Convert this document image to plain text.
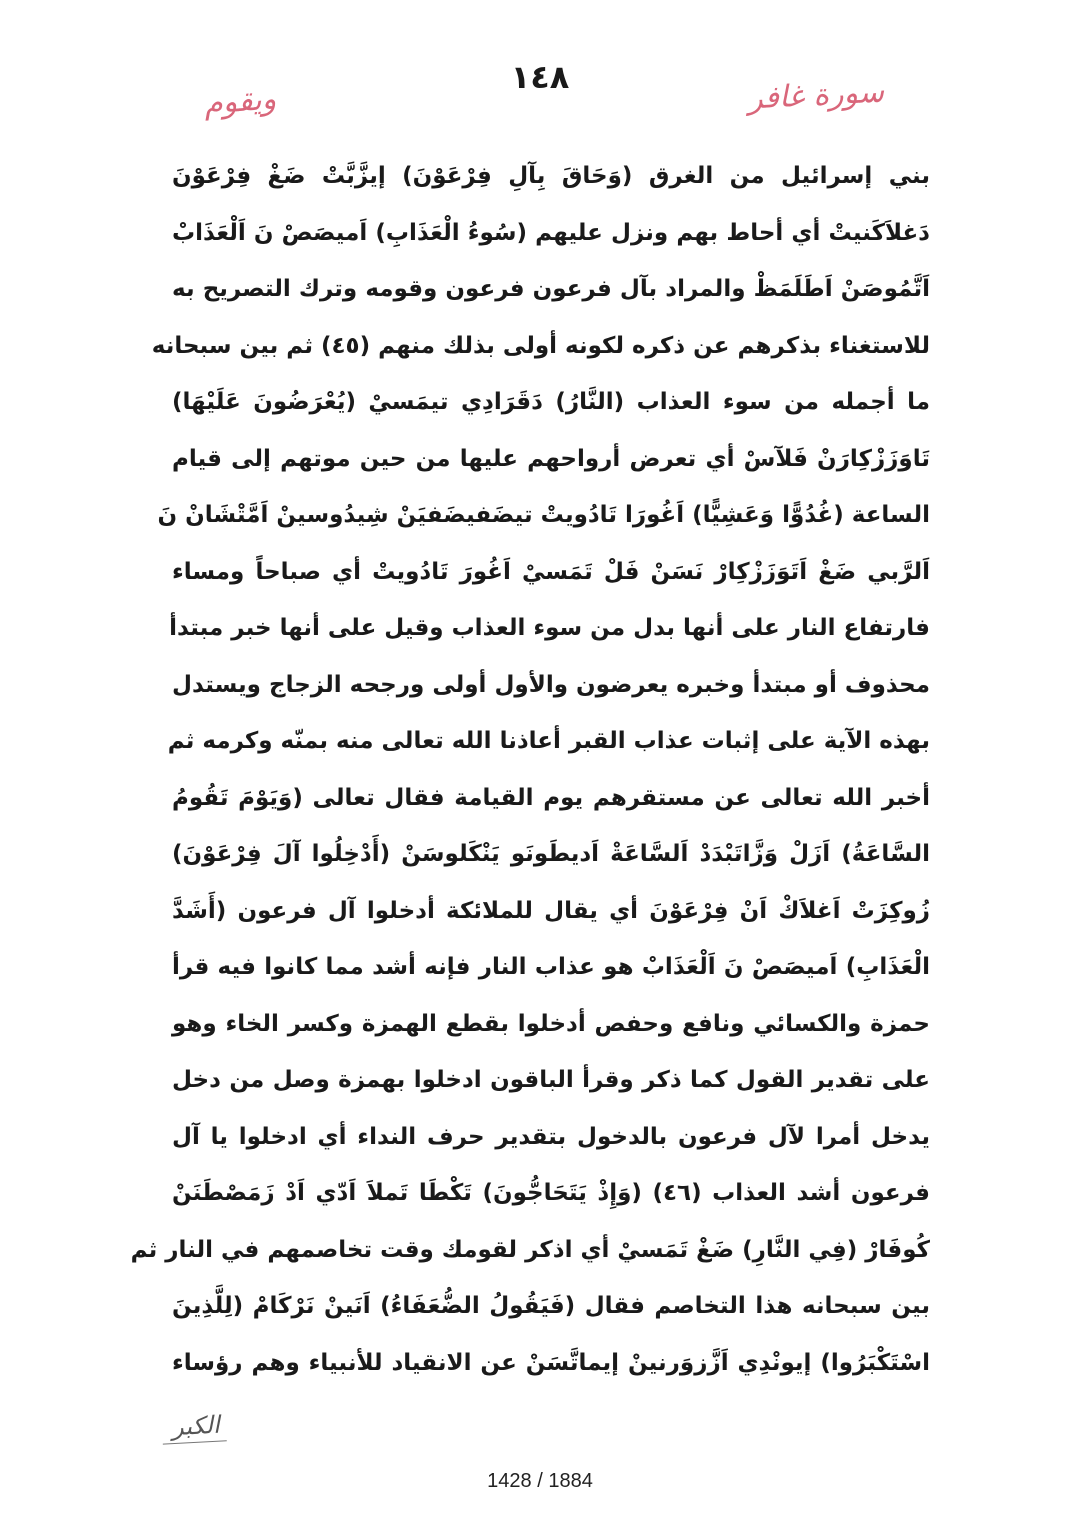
١٤٨	سورة غافر
ويقوم
بني إسرائيل من الغرق (وَحَاقَ بِآلِ فِرْعَوْنَ) إيزَّبَّتْ ضَغْ فِرْعَوْنَ
دَغلاَكَنيتْ أي أحاط بهم ونزل عليهم (سُوءُ الْعَذَابِ) اَميصَصْ نَ اَلْعَذَابْ
اَتَّمُوصَنْ اَطَلَمَظْ والمراد بآل فرعون فرعون وقومه وترك التصريح به
للاستغناء بذكرهم عن ذكره لكونه أولى بذلك منهم (٤٥) ثم بين سبحانه
ما أجمله من سوء العذاب (النَّارُ) دَقَرَادِي تيمَسيْ (يُعْرَضُونَ عَلَيْهَا)
تَاوَزَزْكِارَنْ فَلآسْ أي تعرض أرواحهم عليها من حين موتهم إلى قيام
الساعة (غُدُوًّا وَعَشِيًّا) اَغُورَا تَادُويتْ تيضَفيضَفيَنْ شِيدُوسينْ اَمَّتْشَانْ نَ
اَلرَّبي ضَغْ اَتَوَزَزْكِارْ نَسَنْ فَلْ تَمَسيْ اَغُورَ تَادُويتْ أي صباحاً ومساء
فارتفاع النار على أنها بدل من سوء العذاب وقيل على أنها خبر مبتدأ
محذوف أو مبتدأ وخبره يعرضون والأول أولى ورجحه الزجاج ويستدل
بهذه الآية على إثبات عذاب القبر أعاذنا الله تعالى منه بمنّه وكرمه ثم
أخبر الله تعالى عن مستقرهم يوم القيامة فقال تعالى (وَيَوْمَ تَقُومُ
السَّاعَةُ) اَزَلْ وَزَّاتَبْدَدْ اَلسَّاعَةْ اَديطَونَو يَنْكَلوسَنْ (أَدْخِلُوا آلَ فِرْعَوْنَ)
زُوكِزَتْ اَغلاَكْ اَنْ فِرْعَوْنَ أي يقال للملائكة أدخلوا آل فرعون (أَشَدَّ
الْعَذَابِ) اَميصَصْ نَ اَلْعَذَابْ هو عذاب النار فإنه أشد مما كانوا فيه قرأ
حمزة والكسائي ونافع وحفص أدخلوا بقطع الهمزة وكسر الخاء وهو
على تقدير القول كما ذكر وقرأ الباقون ادخلوا بهمزة وصل من دخل
يدخل أمرا لآل فرعون بالدخول بتقدير حرف النداء أي ادخلوا يا آل
فرعون أشد العذاب (٤٦) (وَإِذْ يَتَحَاجُّونَ) تَكْطَا تَملاَ اَدّي اَدْ زَمَصْطَنَنْ
كُوفَارْ (فِي النَّارِ) ضَغْ تَمَسيْ أي اذكر لقومك وقت تخاصمهم في النار ثم
بين سبحانه هذا التخاصم فقال (فَيَقُولُ الضُّعَفَاءُ) اَنَينْ نَرْكَامْ (لِلَّذِينَ
اسْتَكْبَرُوا) إيونْدِي اَزَّزوَرنينْ إيماتَّسَنْ عن الانقياد للأنبياء وهم رؤساء
الكبر
1428 / 1884
